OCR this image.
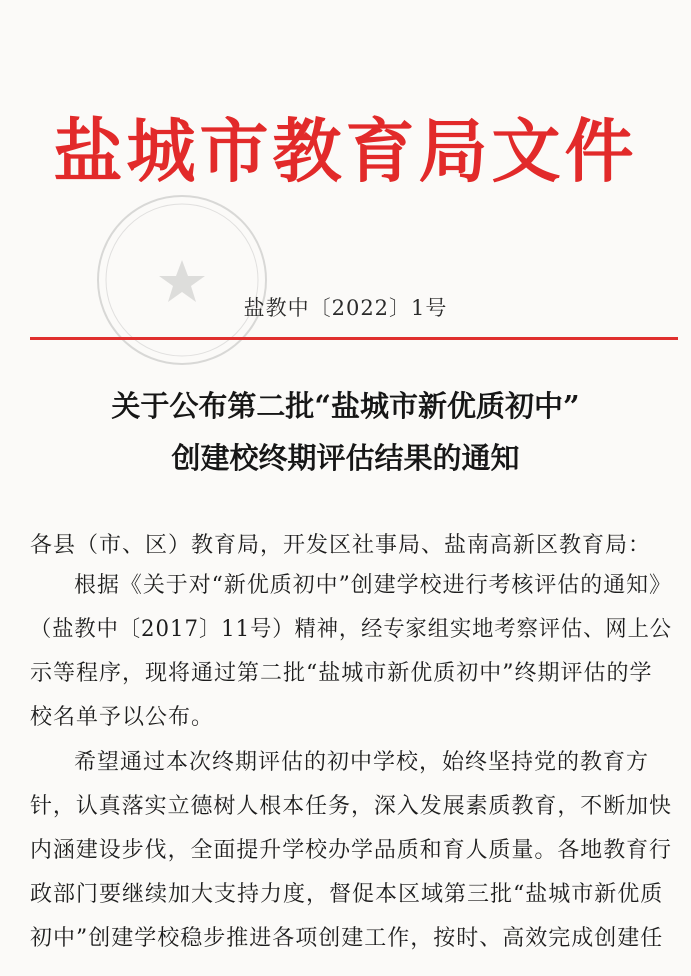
盐城市教育局文件
盐教中〔2022〕1号
关于公布第二批“盐城市新优质初中”
创建校终期评估结果的通知
各县（市、区）教育局，开发区社事局、盐南高新区教育局：
根据《关于对“新优质初中”创建学校进行考核评估的通知》
（盐教中〔2017〕11号）精神，经专家组实地考察评估、网上公
示等程序，现将通过第二批“盐城市新优质初中”终期评估的学
校名单予以公布。
希望通过本次终期评估的初中学校，始终坚持党的教育方
针，认真落实立德树人根本任务，深入发展素质教育，不断加快
内涵建设步伐，全面提升学校办学品质和育人质量。各地教育行
政部门要继续加大支持力度，督促本区域第三批“盐城市新优质
初中”创建学校稳步推进各项创建工作，按时、高效完成创建任
